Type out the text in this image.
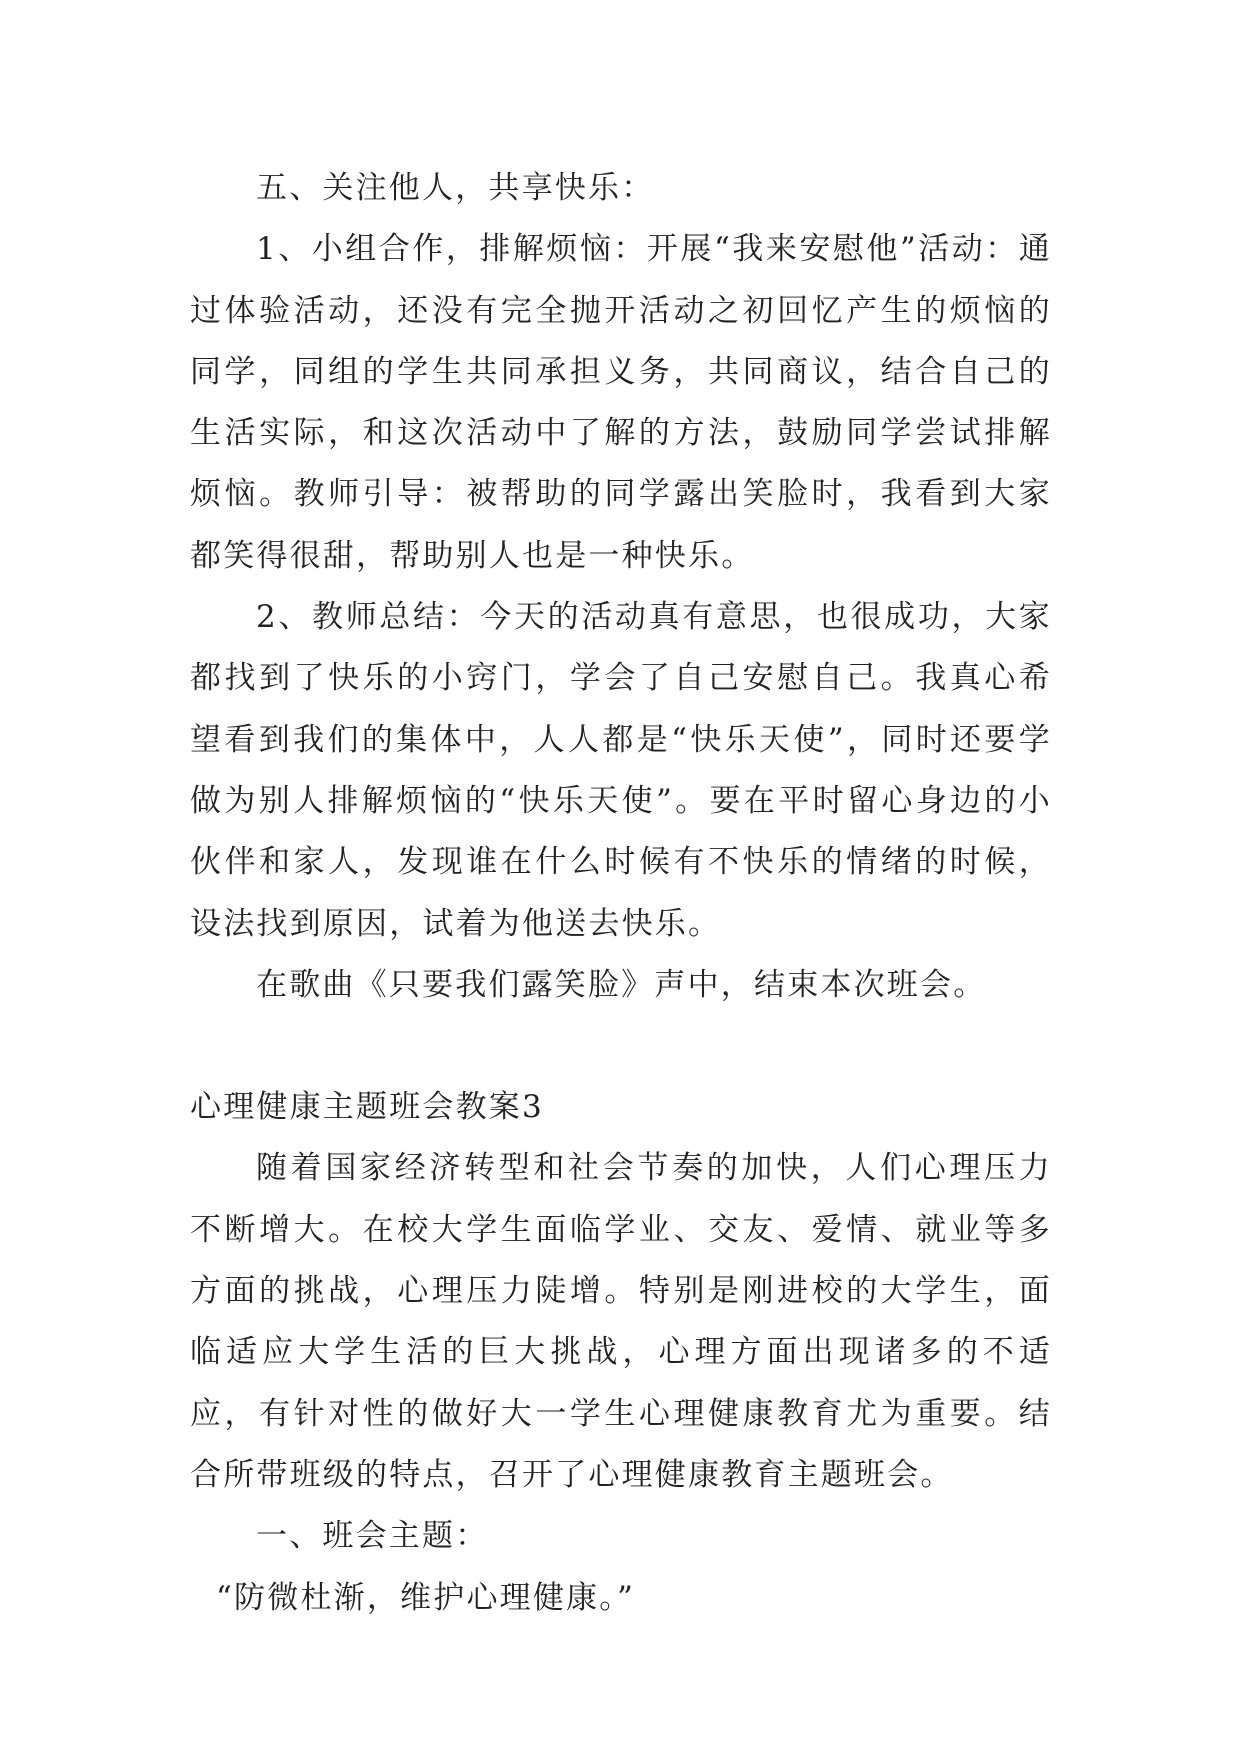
五、关注他人，共享快乐：

1、小组合作，排解烦恼：开展“我来安慰他”活动：通过体验活动，还没有完全抛开活动之初回忆产生的烦恼的同学，同组的学生共同承担义务，共同商议，结合自己的生活实际，和这次活动中了解的方法，鼓励同学尝试排解烦恼。教师引导：被帮助的同学露出笑脸时，我看到大家都笑得很甜，帮助别人也是一种快乐。

2、教师总结：今天的活动真有意思，也很成功，大家都找到了快乐的小窍门，学会了自己安慰自己。我真心希望看到我们的集体中，人人都是“快乐天使”，同时还要学做为别人排解烦恼的“快乐天使”。要在平时留心身边的小伙伴和家人，发现谁在什么时候有不快乐的情绪的时候，设法找到原因，试着为他送去快乐。

在歌曲《只要我们露笑脸》声中，结束本次班会。

心理健康主题班会教案3

随着国家经济转型和社会节奏的加快，人们心理压力不断增大。在校大学生面临学业、交友、爱情、就业等多方面的挑战，心理压力陡增。特别是刚进校的大学生，面临适应大学生活的巨大挑战，心理方面出现诸多的不适应，有针对性的做好大一学生心理健康教育尤为重要。结合所带班级的特点，召开了心理健康教育主题班会。

一、班会主题：

“防微杜渐，维护心理健康。”
